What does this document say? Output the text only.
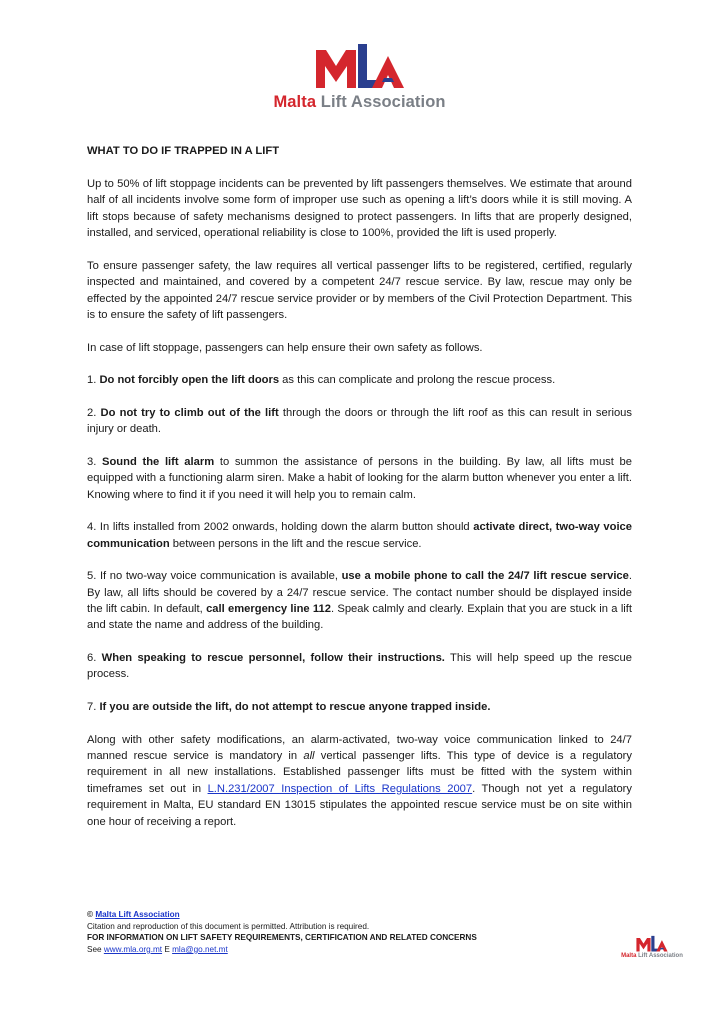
Malta Lift Association
WHAT TO DO IF TRAPPED IN A LIFT

Up to 50% of lift stoppage incidents can be prevented by lift passengers themselves. We estimate that around half of all incidents involve some form of improper use such as opening a lift’s doors while it is still moving. A lift stops because of safety mechanisms designed to protect passengers. In lifts that are properly designed, installed, and serviced, operational reliability is close to 100%, provided the lift is used properly.

To ensure passenger safety, the law requires all vertical passenger lifts to be registered, certified, regularly inspected and maintained, and covered by a competent 24/7 rescue service. By law, rescue may only be effected by the appointed 24/7 rescue service provider or by members of the Civil Protection Department. This is to ensure the safety of lift passengers.

In case of lift stoppage, passengers can help ensure their own safety as follows.

1. Do not forcibly open the lift doors as this can complicate and prolong the rescue process.

2. Do not try to climb out of the lift through the doors or through the lift roof as this can result in serious injury or death.

3. Sound the lift alarm to summon the assistance of persons in the building. By law, all lifts must be equipped with a functioning alarm siren. Make a habit of looking for the alarm button whenever you enter a lift. Knowing where to find it if you need it will help you to remain calm.

4. In lifts installed from 2002 onwards, holding down the alarm button should activate direct, two-way voice communication between persons in the lift and the rescue service.

5. If no two-way voice communication is available, use a mobile phone to call the 24/7 lift rescue service. By law, all lifts should be covered by a 24/7 rescue service. The contact number should be displayed inside the lift cabin. In default, call emergency line 112. Speak calmly and clearly. Explain that you are stuck in a lift and state the name and address of the building.

6. When speaking to rescue personnel, follow their instructions. This will help speed up the rescue process.

7. If you are outside the lift, do not attempt to rescue anyone trapped inside.

Along with other safety modifications, an alarm-activated, two-way voice communication linked to 24/7 manned rescue service is mandatory in all vertical passenger lifts. This type of device is a regulatory requirement in all new installations. Established passenger lifts must be fitted with the system within timeframes set out in L.N.231/2007 Inspection of Lifts Regulations 2007. Though not yet a regulatory requirement in Malta, EU standard EN 13015 stipulates the appointed rescue service must be on site within one hour of receiving a report.

© Malta Lift Association
Citation and reproduction of this document is permitted. Attribution is required.
FOR INFORMATION ON LIFT SAFETY REQUIREMENTS, CERTIFICATION AND RELATED CONCERNS
See www.mla.org.mt E mla@go.net.mt
Malta Lift Association
